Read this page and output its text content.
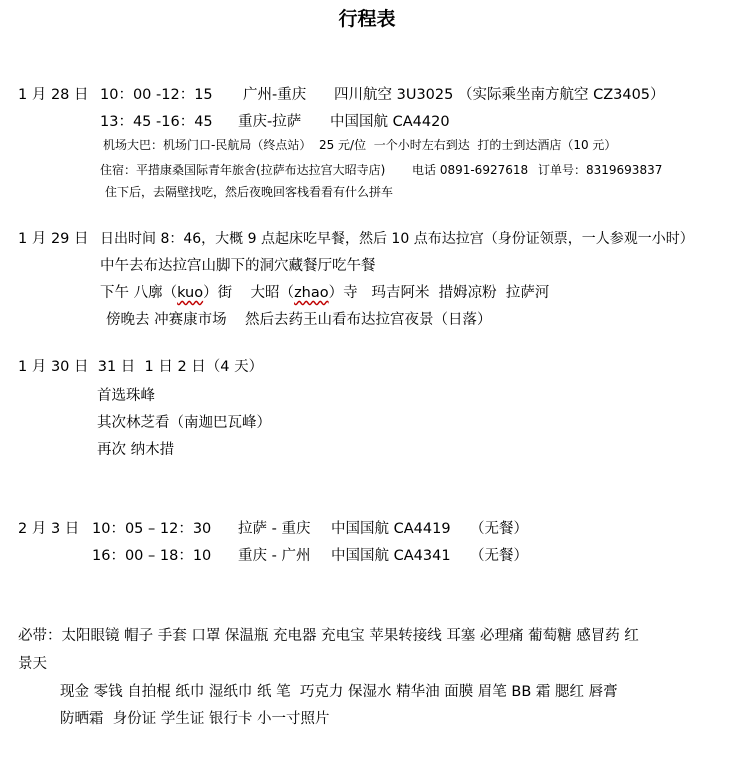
行程表
1 月 28 日 10：00 -12：15 广州-重庆 四川航空 3U3025 （实际乘坐南方航空 CZ3405）
13：45 -16：45 重庆-拉萨 中国国航 CA4420
机场大巴：机场门口-民航局（终点站）  25 元/位  一个小时左右到达  打的士到达酒店（10 元）
住宿：平措康桑国际青年旅舍(拉萨布达拉宫大昭寺店) 电话 0891-6927618 订单号：8319693837
住下后，去隔壁找吃，然后夜晚回客栈看看有什么拼车
1 月 29 日 日出时间 8：46，大概 9 点起床吃早餐，然后 10 点布达拉宫（身份证领票，一人参观一小时）
中午去布达拉宫山脚下的洞穴藏餐厅吃午餐
下午 八廓（kuo）街    大昭（zhao）寺   玛吉阿米  措姆凉粉  拉萨河
傍晚去 冲赛康市场    然后去药王山看布达拉宫夜景（日落）
1 月 30 日  31 日  1 日 2 日（4 天）
首选珠峰
其次林芝看（南迦巴瓦峰）
再次 纳木措
2 月 3 日 10：05 – 12：30 拉萨 - 重庆 中国国航 CA4419 （无餐）
16：00 – 18：10 重庆 - 广州 中国国航 CA4341 （无餐）
必带：太阳眼镜 帽子 手套 口罩 保温瓶 充电器 充电宝 苹果转接线 耳塞 必理痛 葡萄糖 感冒药 红
景天
现金 零钱 自拍棍 纸巾 湿纸巾 纸 笔  巧克力 保湿水 精华油 面膜 眉笔 BB 霜 腮红 唇膏
防晒霜  身份证 学生证 银行卡 小一寸照片
